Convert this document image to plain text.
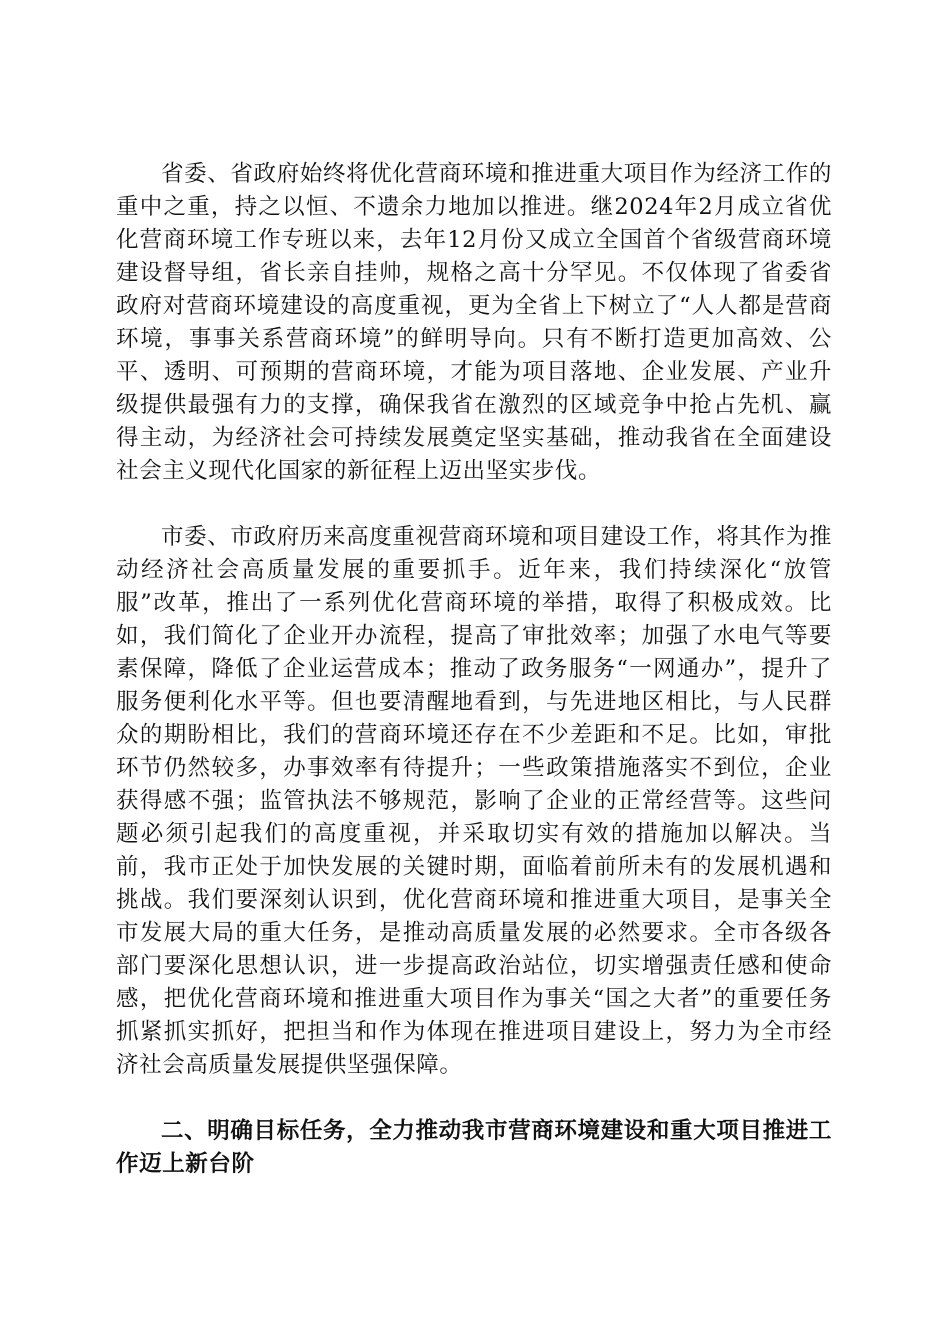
省委、省政府始终将优化营商环境和推进重大项目作为经济工作的重中之重，持之以恒、不遗余力地加以推进。继2024年2月成立省优化营商环境工作专班以来，去年12月份又成立全国首个省级营商环境建设督导组，省长亲自挂帅，规格之高十分罕见。不仅体现了省委省政府对营商环境建设的高度重视，更为全省上下树立了“人人都是营商环境，事事关系营商环境”的鲜明导向。只有不断打造更加高效、公平、透明、可预期的营商环境，才能为项目落地、企业发展、产业升级提供最强有力的支撑，确保我省在激烈的区域竞争中抢占先机、赢得主动，为经济社会可持续发展奠定坚实基础，推动我省在全面建设社会主义现代化国家的新征程上迈出坚实步伐。

市委、市政府历来高度重视营商环境和项目建设工作，将其作为推动经济社会高质量发展的重要抓手。近年来，我们持续深化“放管服”改革，推出了一系列优化营商环境的举措，取得了积极成效。比如，我们简化了企业开办流程，提高了审批效率；加强了水电气等要素保障，降低了企业运营成本；推动了政务服务“一网通办”，提升了服务便利化水平等。但也要清醒地看到，与先进地区相比，与人民群众的期盼相比，我们的营商环境还存在不少差距和不足。比如，审批环节仍然较多，办事效率有待提升；一些政策措施落实不到位，企业获得感不强；监管执法不够规范，影响了企业的正常经营等。这些问题必须引起我们的高度重视，并采取切实有效的措施加以解决。当前，我市正处于加快发展的关键时期，面临着前所未有的发展机遇和挑战。我们要深刻认识到，优化营商环境和推进重大项目，是事关全市发展大局的重大任务，是推动高质量发展的必然要求。全市各级各部门要深化思想认识，进一步提高政治站位，切实增强责任感和使命感，把优化营商环境和推进重大项目作为事关“国之大者”的重要任务抓紧抓实抓好，把担当和作为体现在推进项目建设上，努力为全市经济社会高质量发展提供坚强保障。

二、明确目标任务，全力推动我市营商环境建设和重大项目推进工作迈上新台阶
